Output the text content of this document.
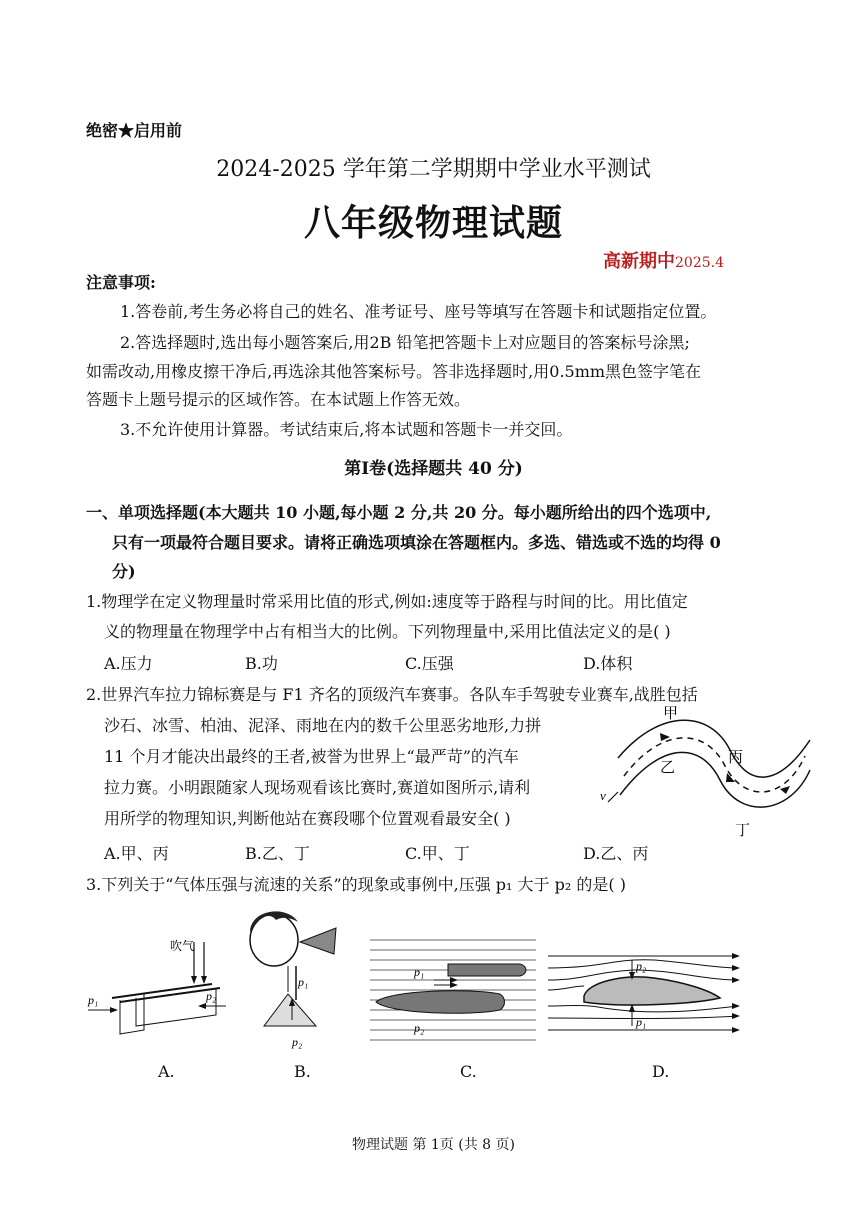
绝密★启用前
2024-2025 学年第二学期期中学业水平测试
八年级物理试题
高新期中2025.4
注意事项:
1.答卷前,考生务必将自己的姓名、准考证号、座号等填写在答题卡和试题指定位置。
2.答选择题时,选出每小题答案后,用2B 铅笔把答题卡上对应题目的答案标号涂黑;
如需改动,用橡皮擦干净后,再选涂其他答案标号。答非选择题时,用0.5mm黑色签字笔在
答题卡上题号提示的区域作答。在本试题上作答无效。
3.不允许使用计算器。考试结束后,将本试题和答题卡一并交回。
第Ⅰ卷(选择题共 40 分)
一、单项选择题(本大题共 10 小题,每小题 2 分,共 20 分。每小题所给出的四个选项中,
只有一项最符合题目要求。请将正确选项填涂在答题框内。多选、错选或不选的均得 0
分)
1.物理学在定义物理量时常采用比值的形式,例如:速度等于路程与时间的比。用比值定
义的物理量在物理学中占有相当大的比例。下列物理量中,采用比值法定义的是( )
A.压力	B.功	C.压强	D.体积
2.世界汽车拉力锦标赛是与 F1 齐名的顶级汽车赛事。各队车手驾驶专业赛车,战胜包括
沙石、冰雪、柏油、泥泽、雨地在内的数千公里恶劣地形,力拼
11 个月才能决出最终的王者,被誉为世界上“最严苛”的汽车
拉力赛。小明跟随家人现场观看该比赛时,赛道如图所示,请利
用所学的物理知识,判断他站在赛段哪个位置观看最安全( )
甲
乙
丙
丁
v
A.甲、丙	B.乙、丁	C.甲、丁	D.乙、丙
3.下列关于“气体压强与流速的关系”的现象或事例中,压强 p₁ 大于 p₂ 的是( )
吹气
p₁	p₂
p₁
p₂
p₁
p₂
p₂
p₁
A.	B.	C.	D.
物理试题 第 1页 (共 8 页)
